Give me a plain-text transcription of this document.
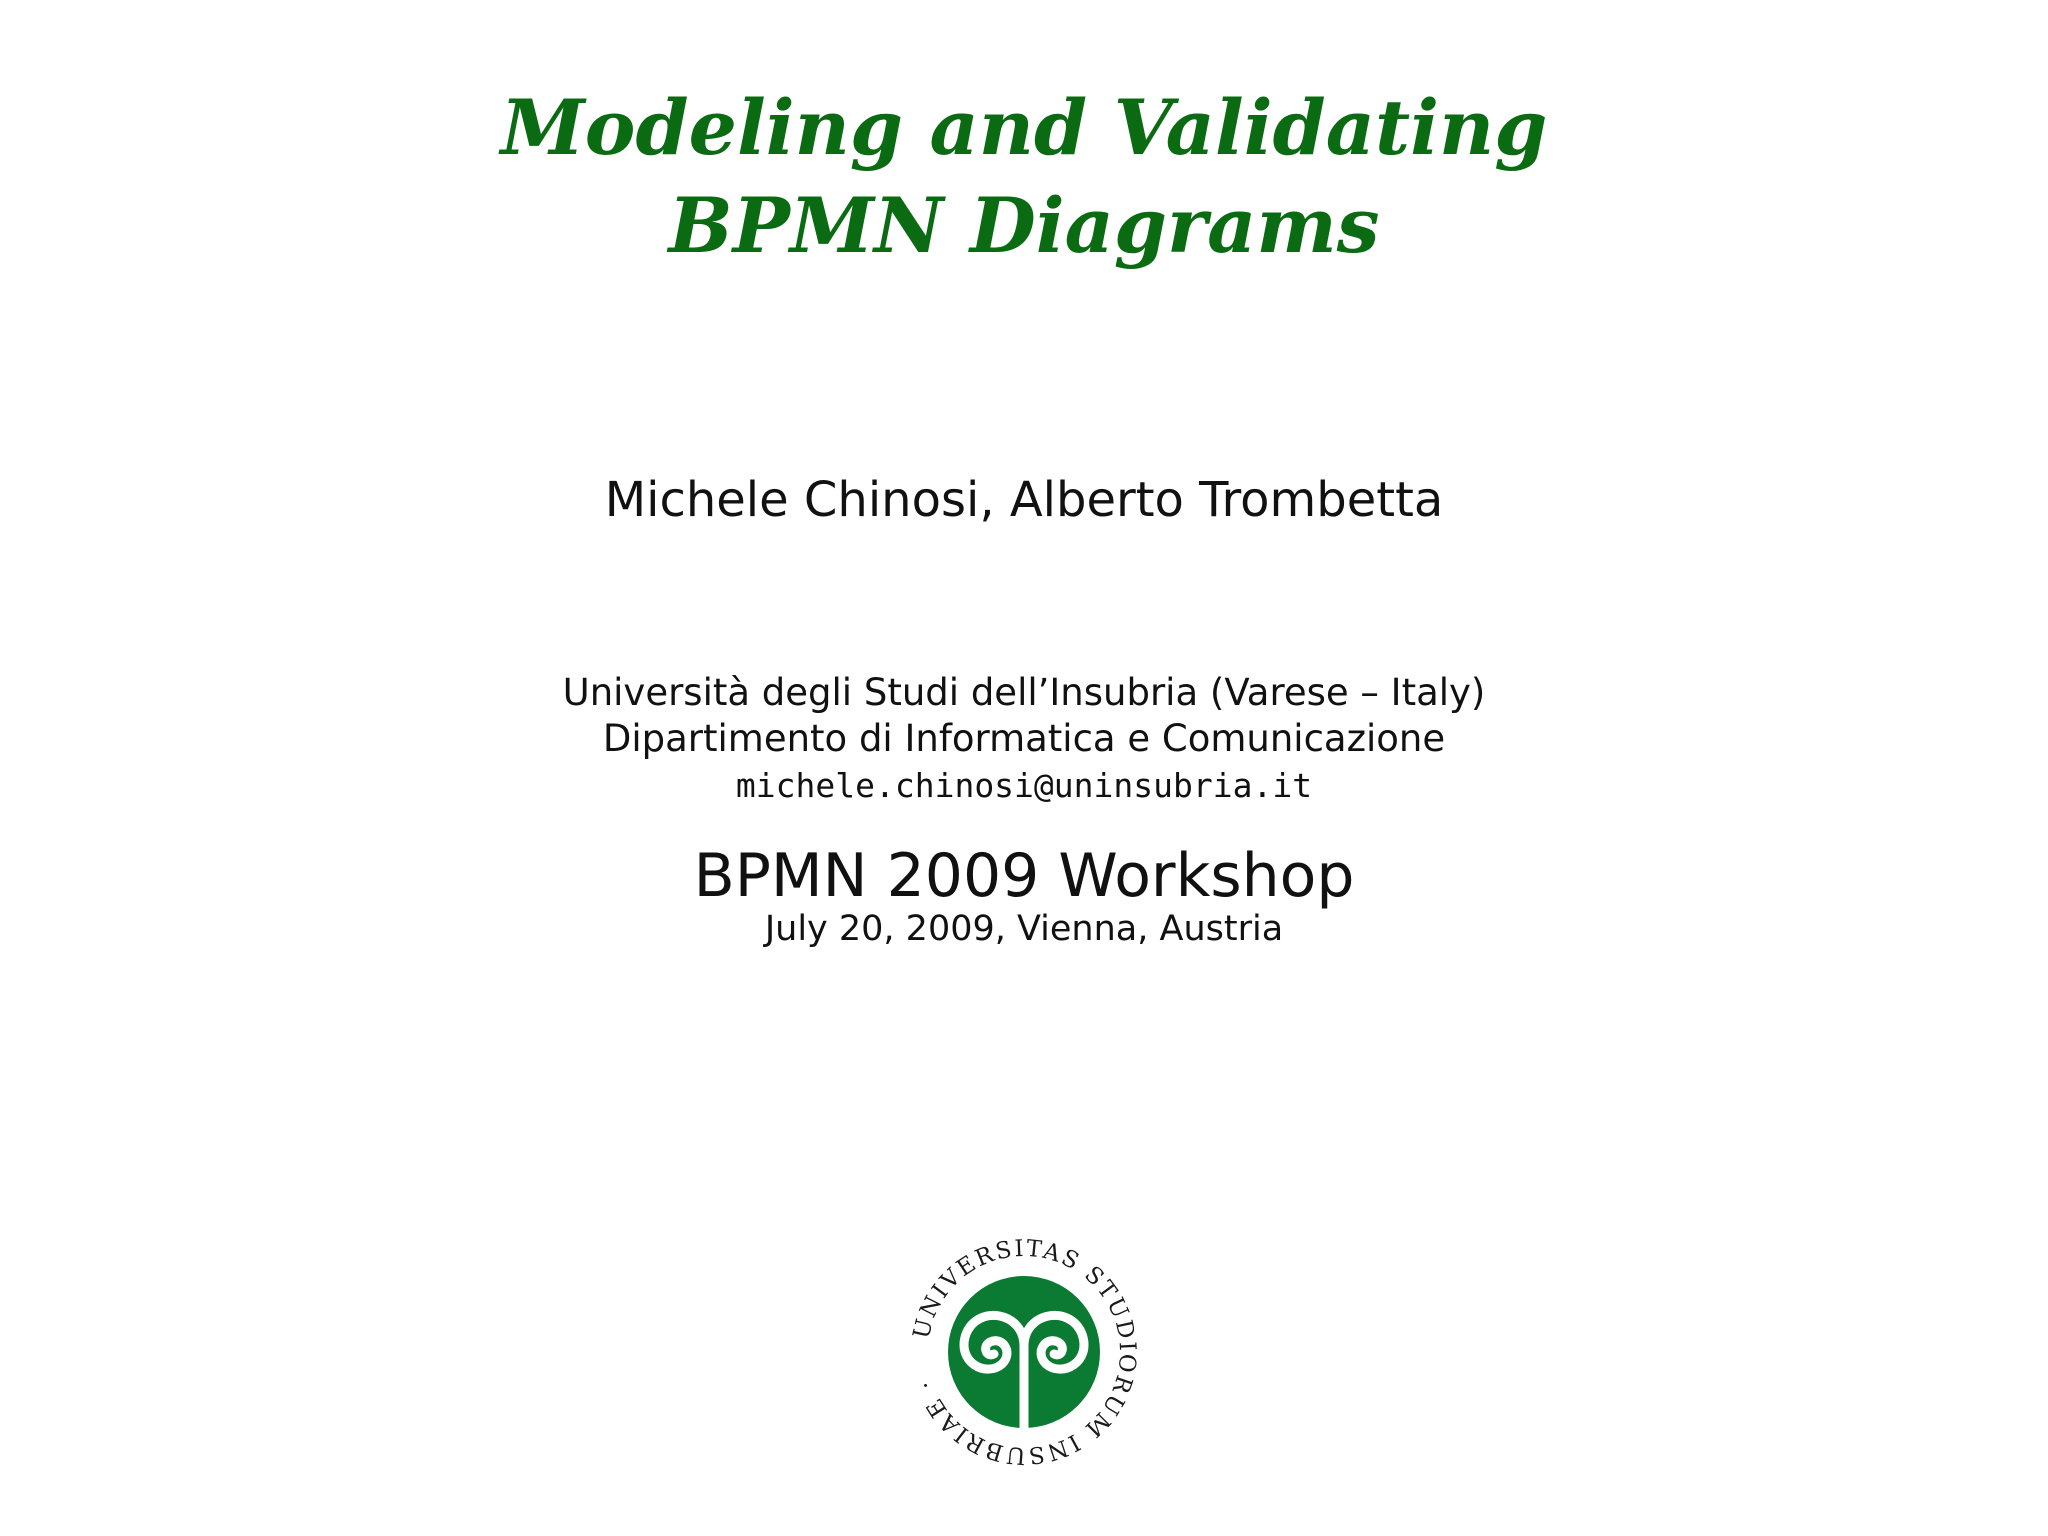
Modeling and Validating
BPMN Diagrams
Michele Chinosi, Alberto Trombetta
Università degli Studi dell’Insubria (Varese – Italy)
Dipartimento di Informatica e Comunicazione
michele.chinosi@uninsubria.it
BPMN 2009 Workshop
July 20, 2009, Vienna, Austria
UNIVERSITAS STUDIORUM INSUBRIAE ·
